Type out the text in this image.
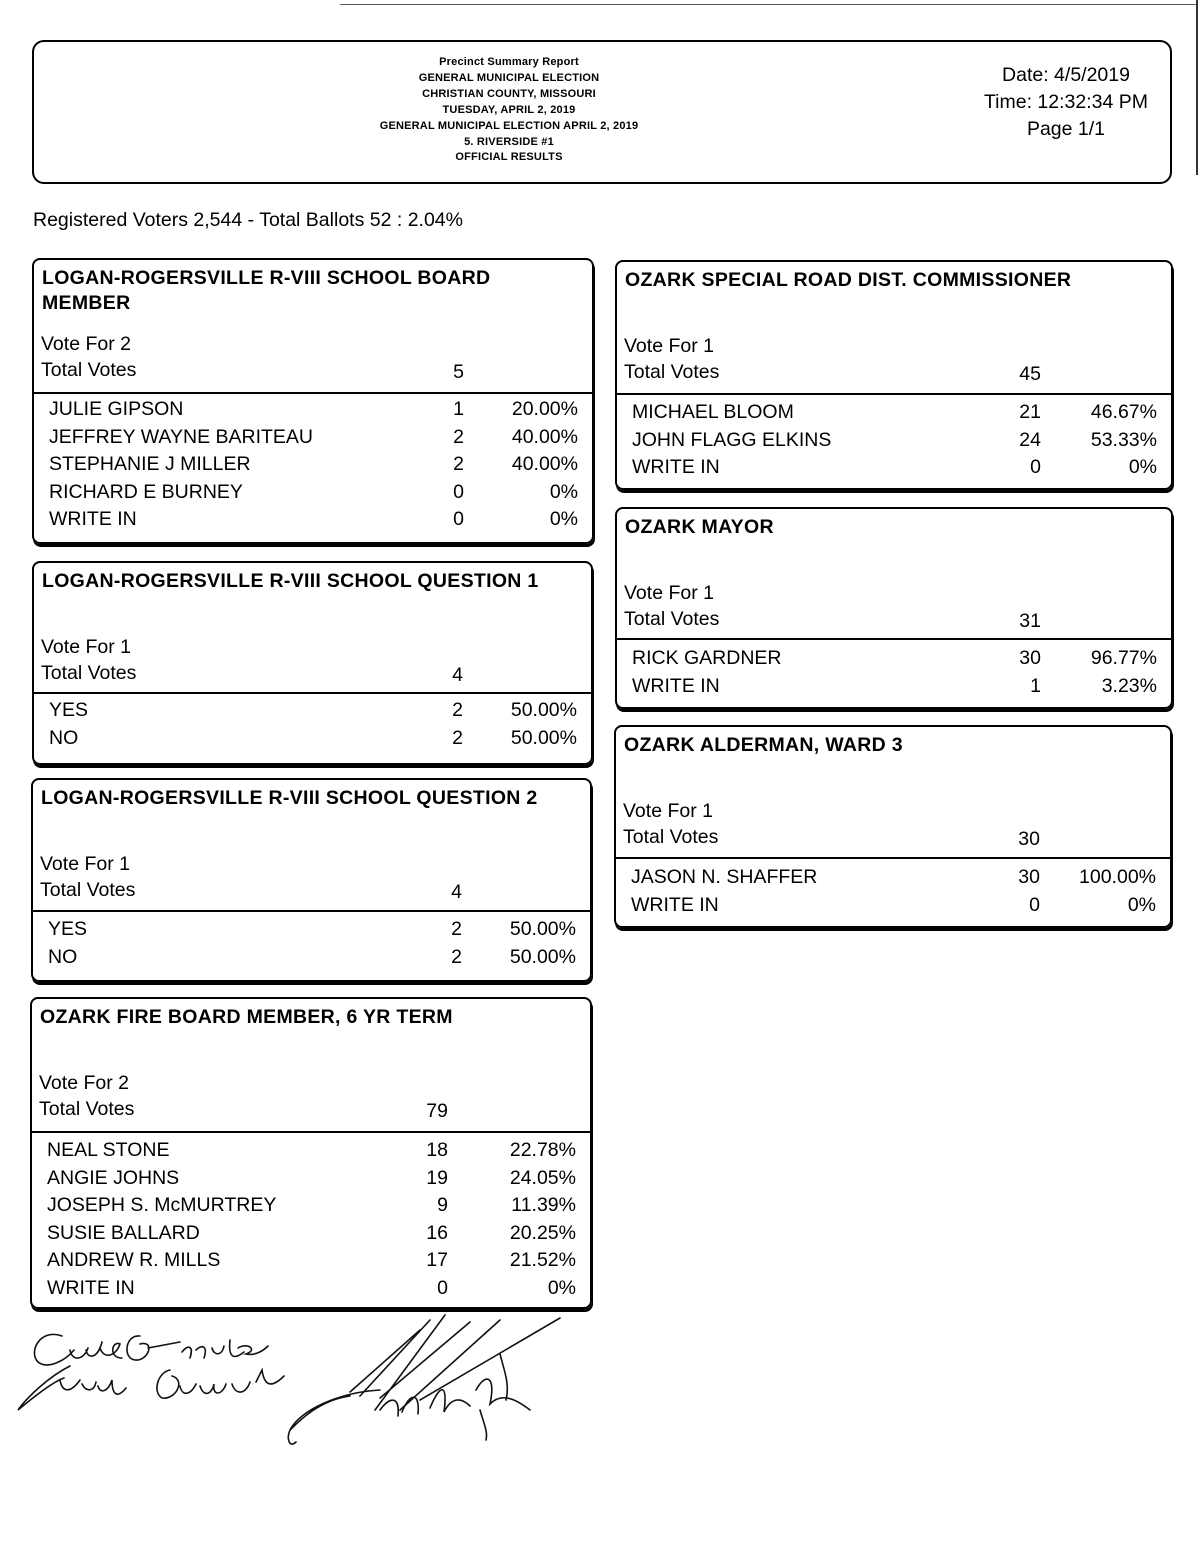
Precinct Summary Report
GENERAL MUNICIPAL ELECTION
CHRISTIAN COUNTY, MISSOURI
TUESDAY, APRIL 2, 2019
GENERAL MUNICIPAL ELECTION APRIL 2, 2019
5. RIVERSIDE #1
OFFICIAL RESULTS
Date: 4/5/2019
Time: 12:32:34 PM
Page 1/1
Registered Voters 2,544 - Total Ballots 52 : 2.04%
LOGAN-ROGERSVILLE R-VIII SCHOOL BOARD MEMBER
Vote For 2
Total Votes	5
JULIE GIPSON	1 20.00%
JEFFREY WAYNE BARITEAU	2 40.00%
STEPHANIE J MILLER	2 40.00%
RICHARD E BURNEY	0	0%
WRITE IN	0	0%
LOGAN-ROGERSVILLE R-VIII SCHOOL QUESTION 1
Vote For 1
Total Votes	4
YES	2 50.00%
NO	2 50.00%
LOGAN-ROGERSVILLE R-VIII SCHOOL QUESTION 2
Vote For 1
Total Votes	4
YES	2 50.00%
NO	2 50.00%
OZARK FIRE BOARD MEMBER, 6 YR TERM
Vote For 2
Total Votes	79
NEAL STONE	18	22.78%
ANGIE JOHNS	19	24.05%
JOSEPH S. McMURTREY	9	11.39%
SUSIE BALLARD	16	20.25%
ANDREW R. MILLS	17	21.52%
WRITE IN	0	0%
OZARK SPECIAL ROAD DIST. COMMISSIONER
Vote For 1
Total Votes	45
MICHAEL BLOOM	21	46.67%
JOHN FLAGG ELKINS	24	53.33%
WRITE IN	0	0%
OZARK MAYOR
Vote For 1
Total Votes	31
RICK GARDNER	30	96.77%
WRITE IN	1	3.23%
OZARK ALDERMAN, WARD 3
Vote For 1
Total Votes	30
JASON N. SHAFFER	30 100.00%
WRITE IN	0	0%
